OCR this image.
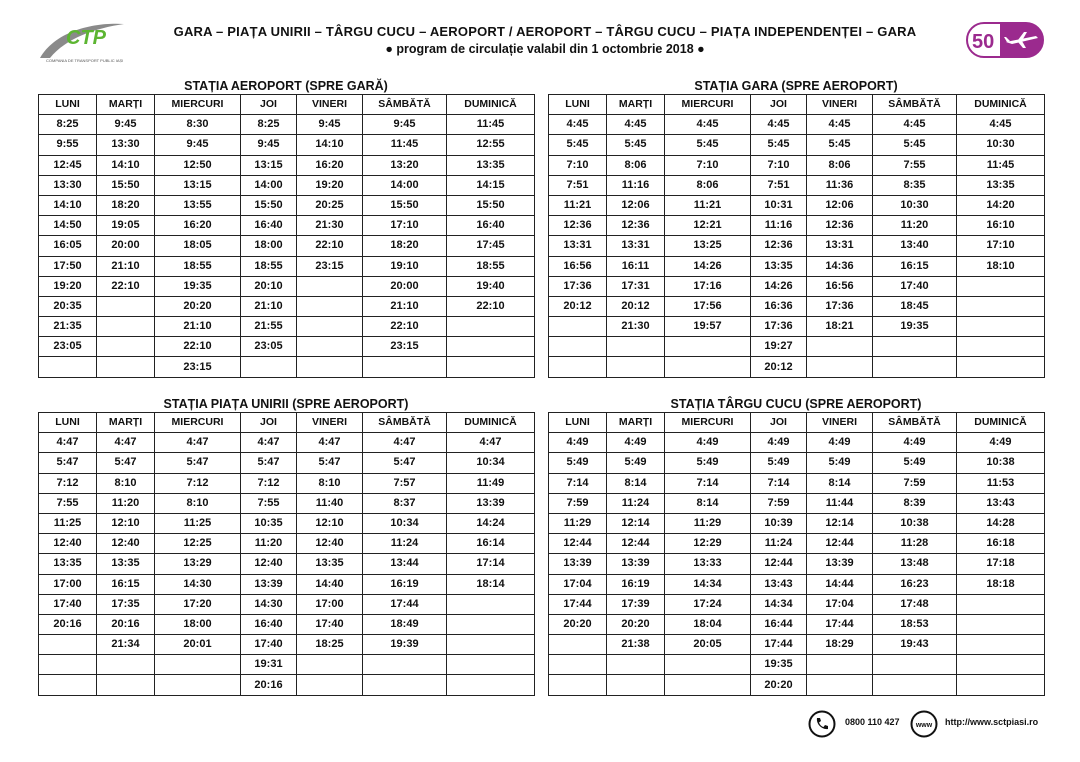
CTP
COMPANIA DE TRANSPORT PUBLIC IAȘI
GARA – PIAȚA UNIRII – TÂRGU CUCU – AEROPORT / AEROPORT – TÂRGU CUCU – PIAȚA INDEPENDENȚEI – GARA
● program de circulație valabil din 1 octombrie 2018 ●	50
STAȚIA AEROPORT (SPRE GARĂ)	STAȚIA GARA (SPRE AEROPORT)
STAȚIA PIAȚA UNIRII (SPRE AEROPORT)	STAȚIA TÂRGU CUCU (SPRE AEROPORT)
LUNI	MARȚI	MIERCURI	JOI	VINERI	SÂMBĂTĂ	DUMINICĂ
8:25	9:45	8:30	8:25	9:45	9:45	11:45
9:55	13:30	9:45	9:45	14:10	11:45	12:55
12:45	14:10	12:50	13:15	16:20	13:20	13:35
13:30	15:50	13:15	14:00	19:20	14:00	14:15
14:10	18:20	13:55	15:50	20:25	15:50	15:50
14:50	19:05	16:20	16:40	21:30	17:10	16:40
16:05	20:00	18:05	18:00	22:10	18:20	17:45
17:50	21:10	18:55	18:55	23:15	19:10	18:55
19:20	22:10	19:35	20:10		20:00	19:40
20:35		20:20	21:10		21:10	22:10
21:35		21:10	21:55		22:10	
23:05		22:10	23:05		23:15	
		23:15				
LUNI	MARȚI	MIERCURI	JOI	VINERI	SÂMBĂTĂ	DUMINICĂ
4:45	4:45	4:45	4:45	4:45	4:45	4:45
5:45	5:45	5:45	5:45	5:45	5:45	10:30
7:10	8:06	7:10	7:10	8:06	7:55	11:45
7:51	11:16	8:06	7:51	11:36	8:35	13:35
11:21	12:06	11:21	10:31	12:06	10:30	14:20
12:36	12:36	12:21	11:16	12:36	11:20	16:10
13:31	13:31	13:25	12:36	13:31	13:40	17:10
16:56	16:11	14:26	13:35	14:36	16:15	18:10
17:36	17:31	17:16	14:26	16:56	17:40	
20:12	20:12	17:56	16:36	17:36	18:45	
	21:30	19:57	17:36	18:21	19:35	
			19:27			
			20:12			
LUNI	MARȚI	MIERCURI	JOI	VINERI	SÂMBĂTĂ	DUMINICĂ
4:47	4:47	4:47	4:47	4:47	4:47	4:47
5:47	5:47	5:47	5:47	5:47	5:47	10:34
7:12	8:10	7:12	7:12	8:10	7:57	11:49
7:55	11:20	8:10	7:55	11:40	8:37	13:39
11:25	12:10	11:25	10:35	12:10	10:34	14:24
12:40	12:40	12:25	11:20	12:40	11:24	16:14
13:35	13:35	13:29	12:40	13:35	13:44	17:14
17:00	16:15	14:30	13:39	14:40	16:19	18:14
17:40	17:35	17:20	14:30	17:00	17:44	
20:16	20:16	18:00	16:40	17:40	18:49	
	21:34	20:01	17:40	18:25	19:39	
			19:31			
			20:16			
LUNI	MARȚI	MIERCURI	JOI	VINERI	SÂMBĂTĂ	DUMINICĂ
4:49	4:49	4:49	4:49	4:49	4:49	4:49
5:49	5:49	5:49	5:49	5:49	5:49	10:38
7:14	8:14	7:14	7:14	8:14	7:59	11:53
7:59	11:24	8:14	7:59	11:44	8:39	13:43
11:29	12:14	11:29	10:39	12:14	10:38	14:28
12:44	12:44	12:29	11:24	12:44	11:28	16:18
13:39	13:39	13:33	12:44	13:39	13:48	17:18
17:04	16:19	14:34	13:43	14:44	16:23	18:18
17:44	17:39	17:24	14:34	17:04	17:48	
20:20	20:20	18:04	16:44	17:44	18:53	
	21:38	20:05	17:44	18:29	19:43	
			19:35			
			20:20			
0800 110 427 www http://www.sctpiasi.ro
